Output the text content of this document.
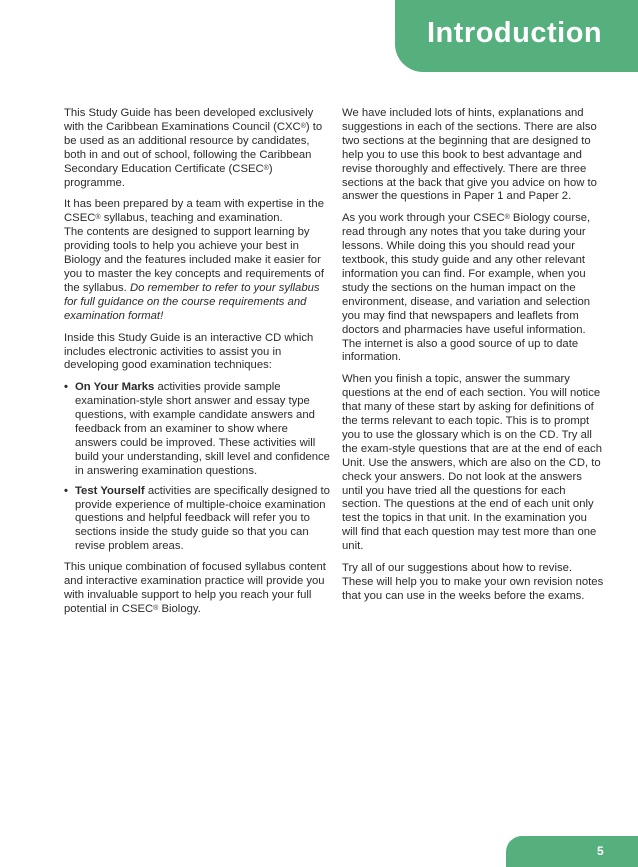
Introduction

This Study Guide has been developed exclusively with the Caribbean Examinations Council (CXC®) to be used as an additional resource by candidates, both in and out of school, following the Caribbean Secondary Education Certificate (CSEC®) programme.

It has been prepared by a team with expertise in the CSEC® syllabus, teaching and examination.

The contents are designed to support learning by providing tools to help you achieve your best in Biology and the features included make it easier for you to master the key concepts and requirements of the syllabus. Do remember to refer to your syllabus for full guidance on the course requirements and examination format!

Inside this Study Guide is an interactive CD which includes electronic activities to assist you in developing good examination techniques:

• On Your Marks activities provide sample examination-style short answer and essay type questions, with example candidate answers and feedback from an examiner to show where answers could be improved. These activities will build your understanding, skill level and confidence in answering examination questions.
• Test Yourself activities are specifically designed to provide experience of multiple-choice examination questions and helpful feedback will refer you to sections inside the study guide so that you can revise problem areas.

This unique combination of focused syllabus content and interactive examination practice will provide you with invaluable support to help you reach your full potential in CSEC® Biology.

We have included lots of hints, explanations and suggestions in each of the sections. There are also two sections at the beginning that are designed to help you to use this book to best advantage and revise thoroughly and effectively. There are three sections at the back that give you advice on how to answer the questions in Paper 1 and Paper 2.

As you work through your CSEC® Biology course, read through any notes that you take during your lessons. While doing this you should read your textbook, this study guide and any other relevant information you can find. For example, when you study the sections on the human impact on the environment, disease, and variation and selection you may find that newspapers and leaflets from doctors and pharmacies have useful information. The internet is also a good source of up to date information.

When you finish a topic, answer the summary questions at the end of each section. You will notice that many of these start by asking for definitions of the terms relevant to each topic. This is to prompt you to use the glossary which is on the CD. Try all the exam-style questions that are at the end of each Unit. Use the answers, which are also on the CD, to check your answers. Do not look at the answers until you have tried all the questions for each section. The questions at the end of each unit only test the topics in that unit. In the examination you will find that each question may test more than one unit.

Try all of our suggestions about how to revise. These will help you to make your own revision notes that you can use in the weeks before the exams.

5
